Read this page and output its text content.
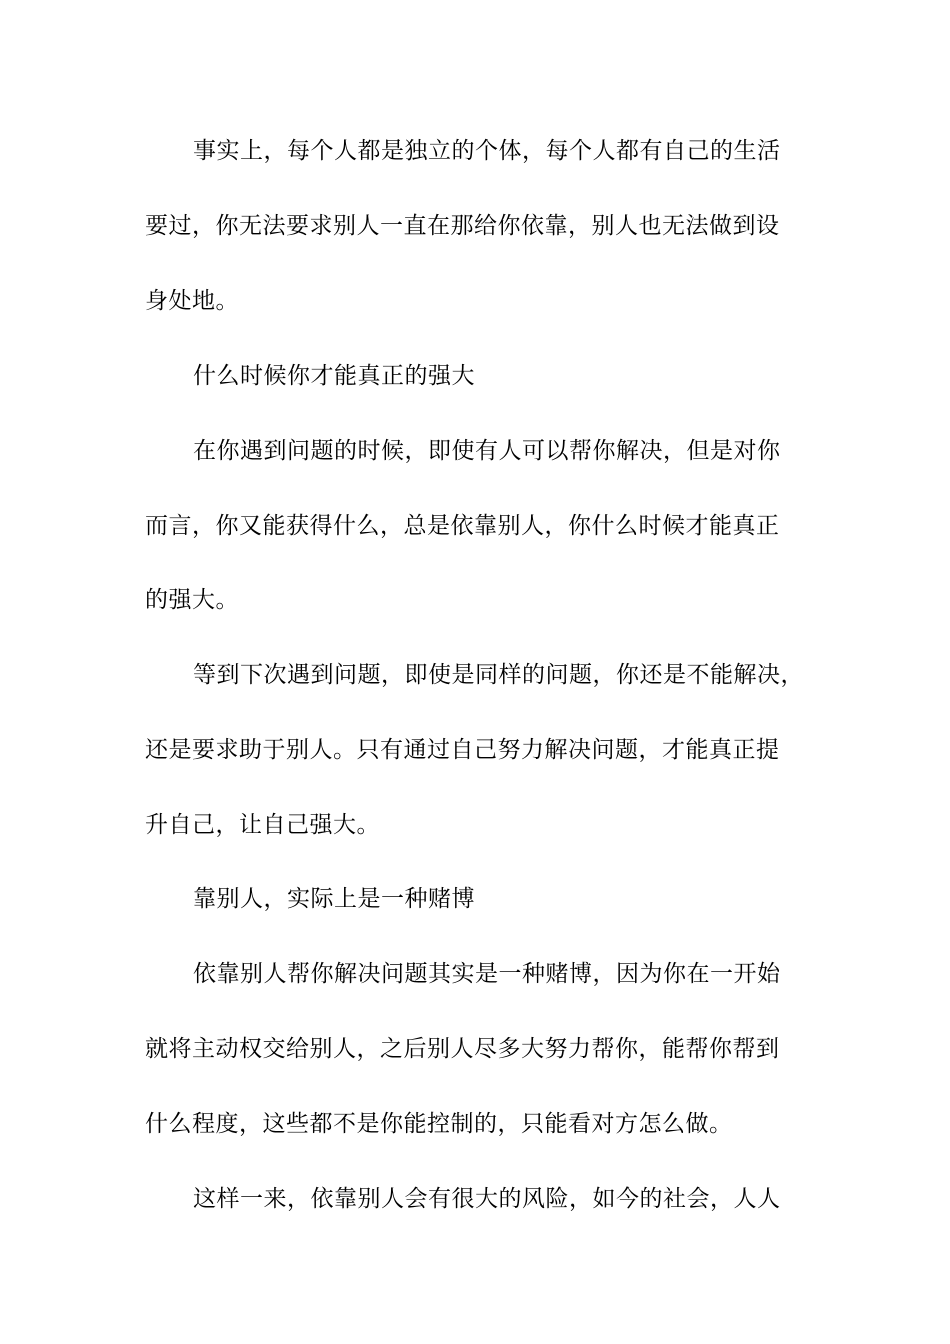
事实上，每个人都是独立的个体，每个人都有自己的生活
要过，你无法要求别人一直在那给你依靠，别人也无法做到设
身处地。
什么时候你才能真正的强大
在你遇到问题的时候，即使有人可以帮你解决，但是对你
而言，你又能获得什么，总是依靠别人，你什么时候才能真正
的强大。
等到下次遇到问题，即使是同样的问题，你还是不能解决，
还是要求助于别人。只有通过自己努力解决问题，才能真正提
升自己，让自己强大。
靠别人，实际上是一种赌博
依靠别人帮你解决问题其实是一种赌博，因为你在一开始
就将主动权交给别人，之后别人尽多大努力帮你，能帮你帮到
什么程度，这些都不是你能控制的，只能看对方怎么做。
这样一来，依靠别人会有很大的风险，如今的社会，人人
